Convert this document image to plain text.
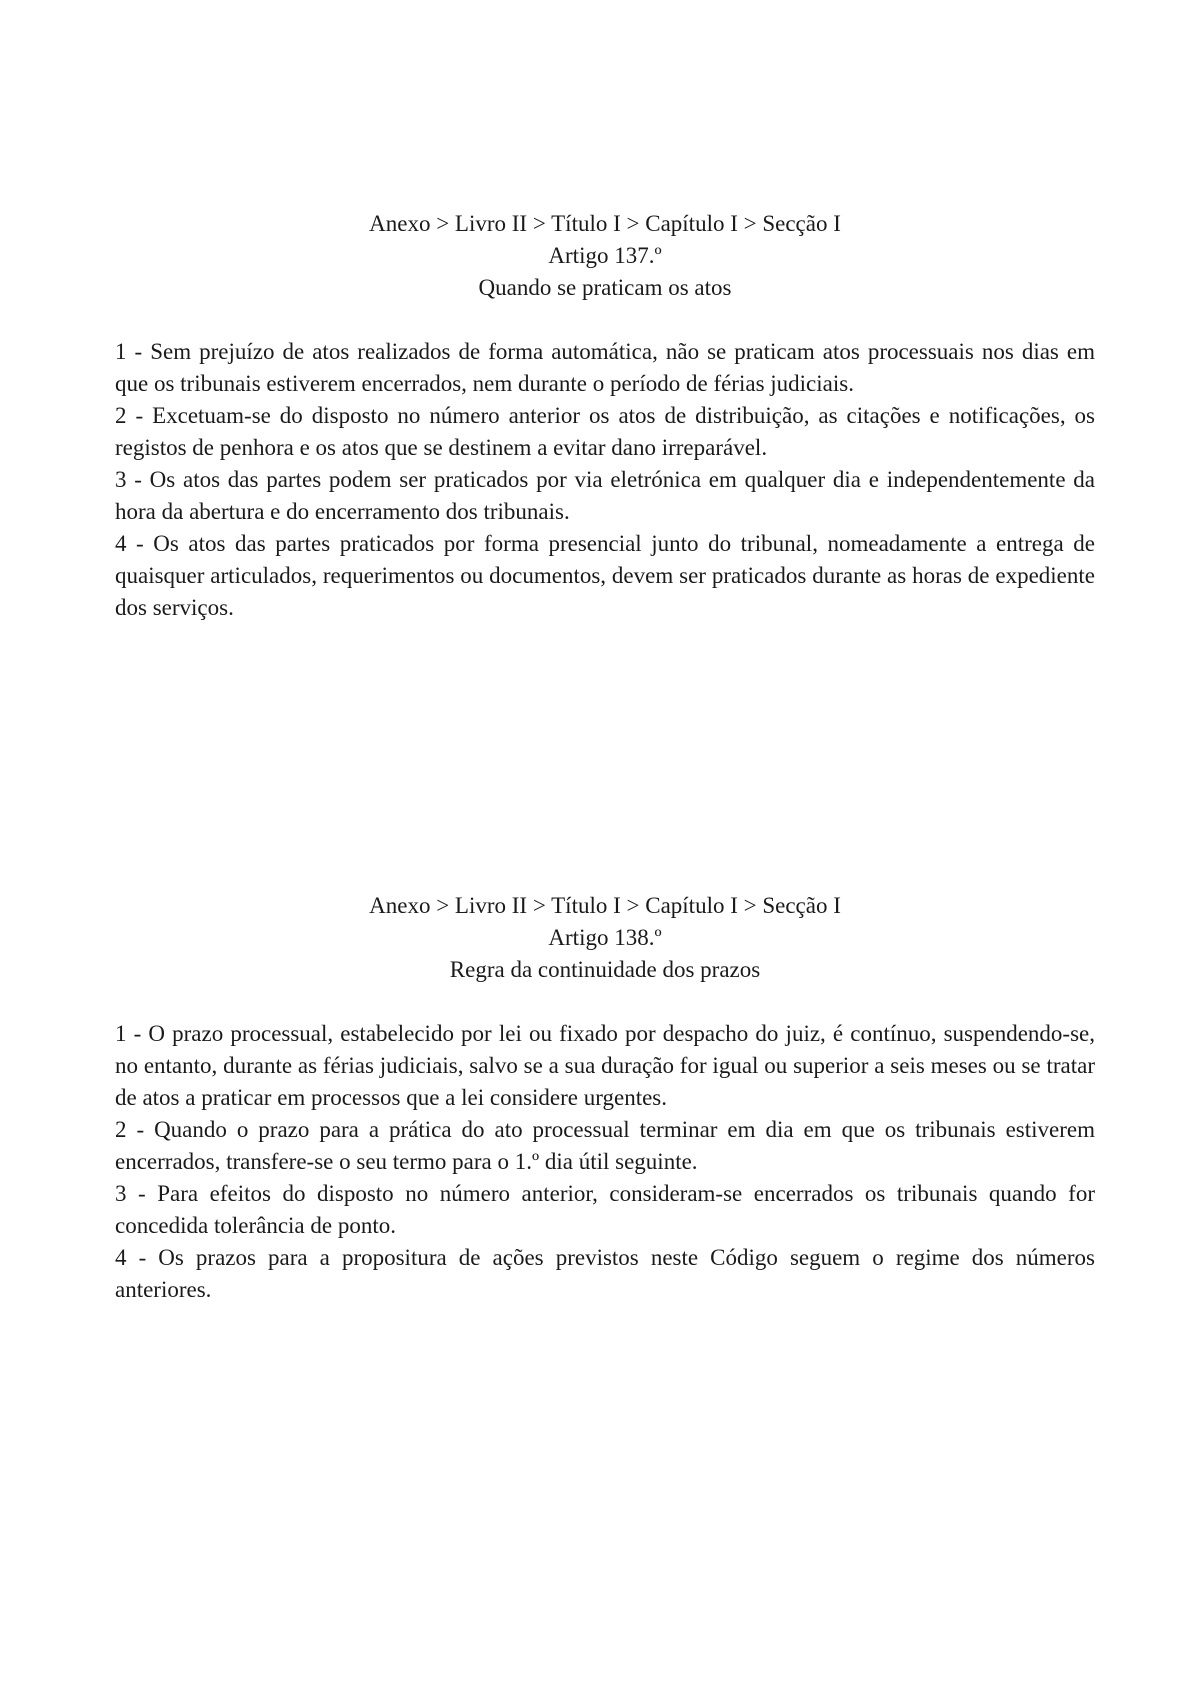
Anexo > Livro II > Título I > Capítulo I > Secção I

Artigo 137.º

Quando se praticam os atos

1 - Sem prejuízo de atos realizados de forma automática, não se praticam atos processuais nos dias em que os tribunais estiverem encerrados, nem durante o período de férias judiciais.

2 - Excetuam-se do disposto no número anterior os atos de distribuição, as citações e notificações, os registos de penhora e os atos que se destinem a evitar dano irreparável.

3 - Os atos das partes podem ser praticados por via eletrónica em qualquer dia e independentemente da hora da abertura e do encerramento dos tribunais.

4 - Os atos das partes praticados por forma presencial junto do tribunal, nomeadamente a entrega de quaisquer articulados, requerimentos ou documentos, devem ser praticados durante as horas de expediente dos serviços.

Anexo > Livro II > Título I > Capítulo I > Secção I

Artigo 138.º

Regra da continuidade dos prazos

1 - O prazo processual, estabelecido por lei ou fixado por despacho do juiz, é contínuo, suspendendo-se, no entanto, durante as férias judiciais, salvo se a sua duração for igual ou superior a seis meses ou se tratar de atos a praticar em processos que a lei considere urgentes.

2 - Quando o prazo para a prática do ato processual terminar em dia em que os tribunais estiverem encerrados, transfere-se o seu termo para o 1.º dia útil seguinte.

3 - Para efeitos do disposto no número anterior, consideram-se encerrados os tribunais quando for concedida tolerância de ponto.

4 - Os prazos para a propositura de ações previstos neste Código seguem o regime dos números anteriores.
